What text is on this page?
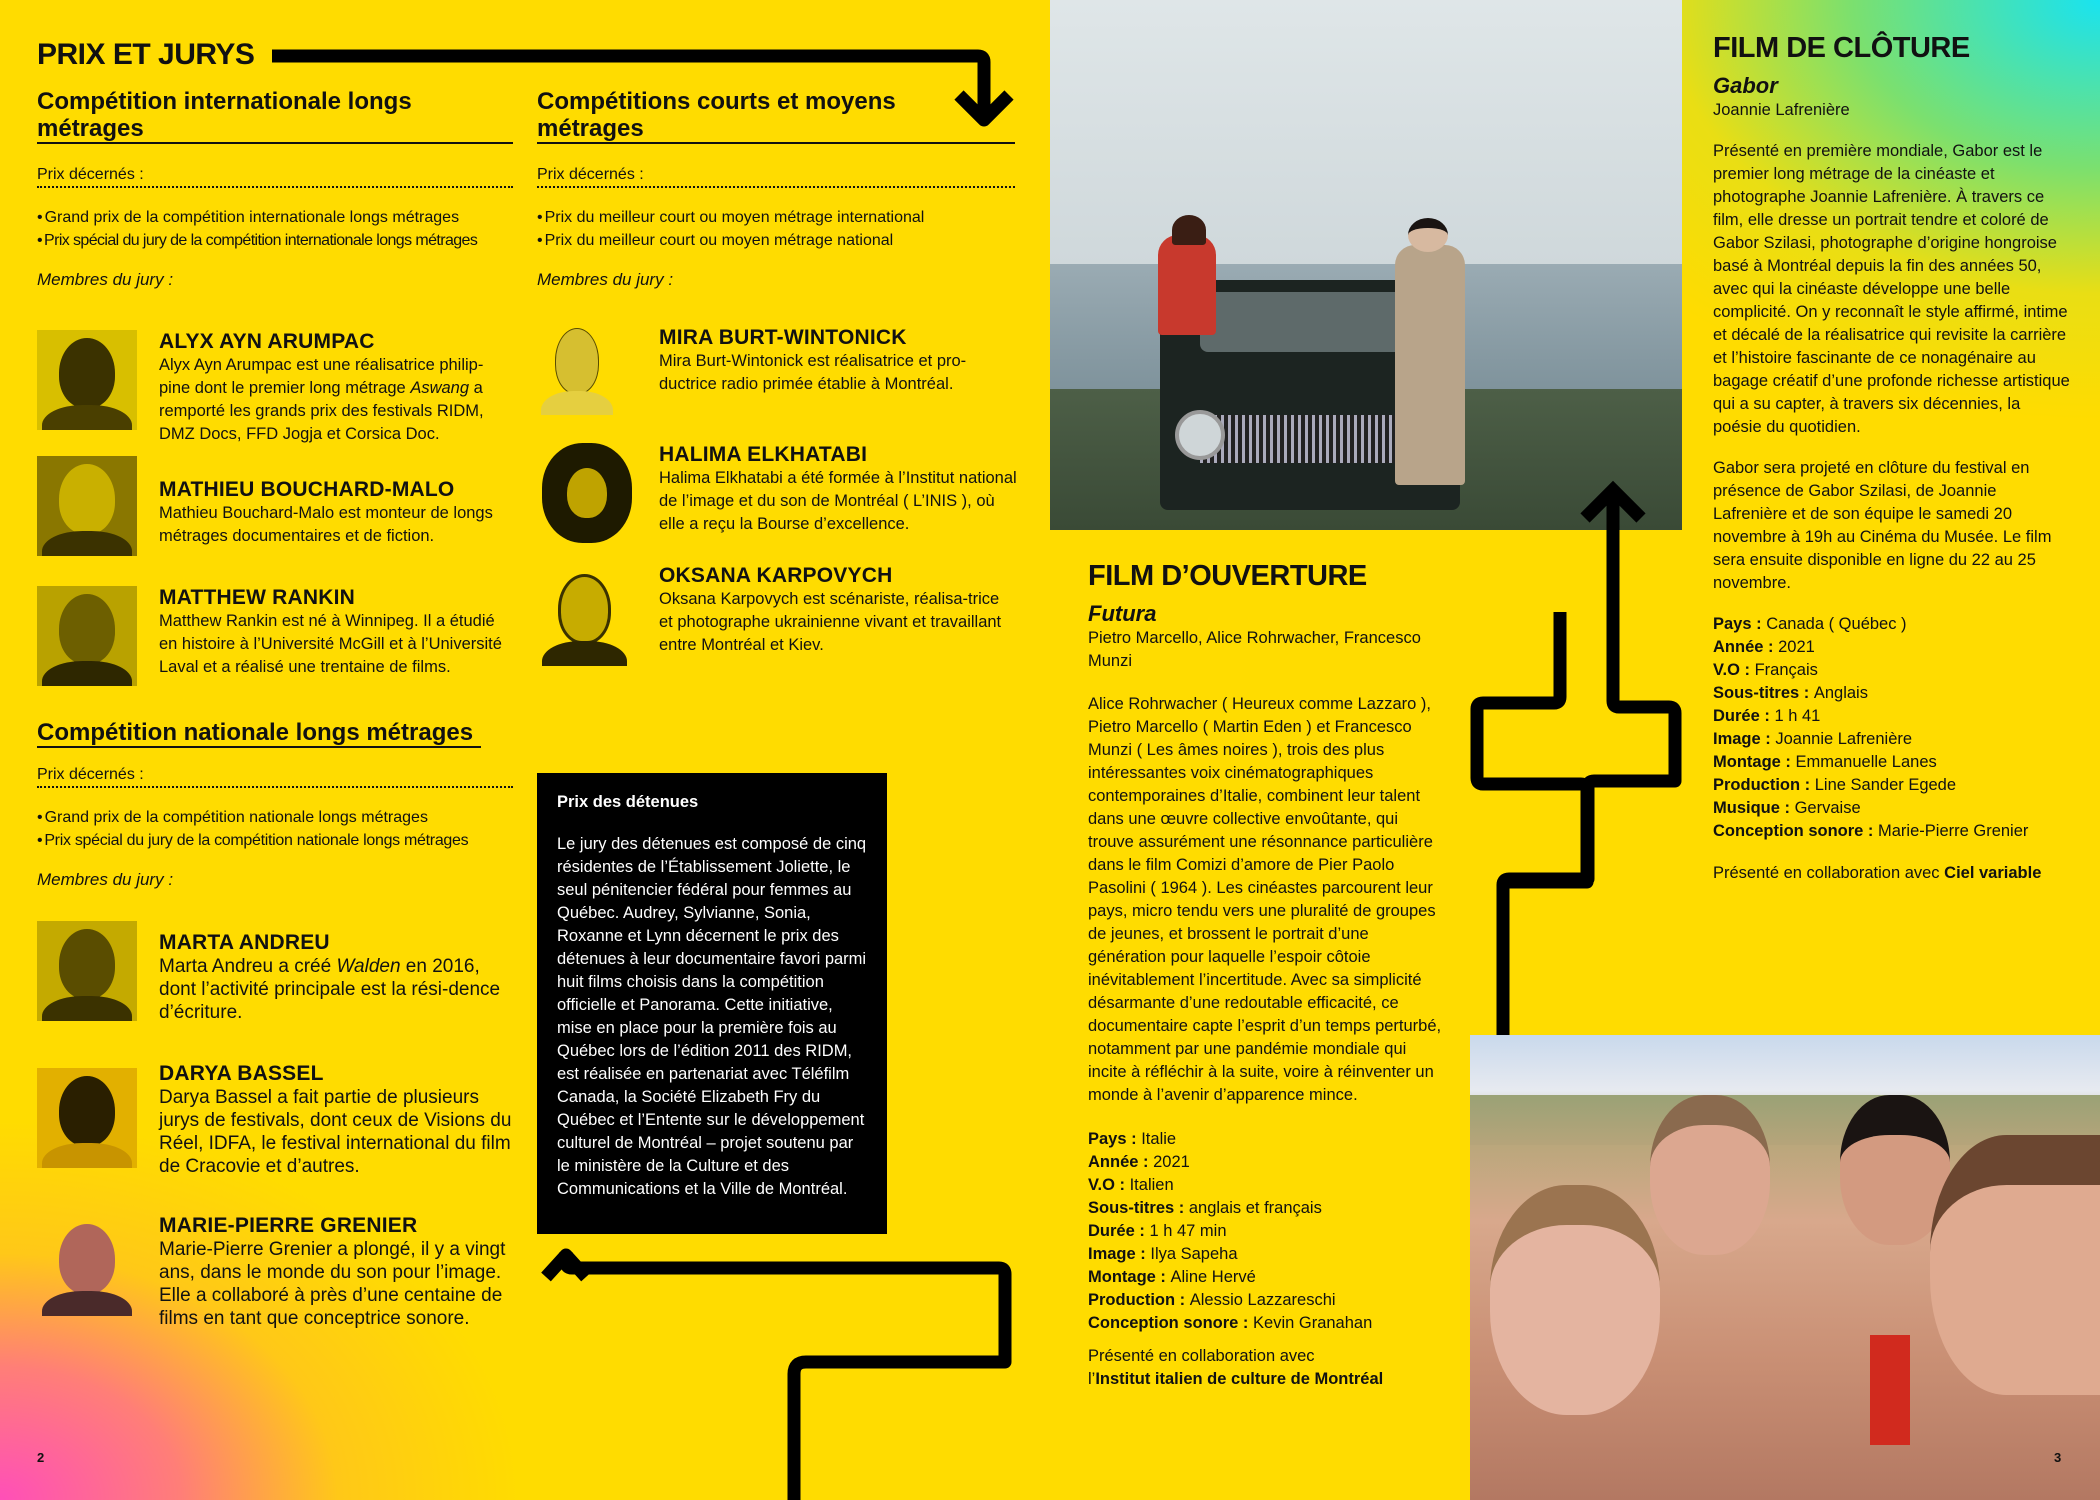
PRIX ET JURYS
Compétition internationale longs métrages
Prix décernés :
• Grand prix de la compétition internationale longs métrages
• Prix spécial du jury de la compétition internationale longs métrages
Membres du jury :
ALYX AYN ARUMPAC
Alyx Ayn Arumpac est une réalisatrice philip-pine dont le premier long métrage Aswang a remporté les grands prix des festivals RIDM, DMZ Docs, FFD Jogja et Corsica Doc.
MATHIEU BOUCHARD-MALO
Mathieu Bouchard-Malo est monteur de longs métrages documentaires et de fiction.
MATTHEW RANKIN
Matthew Rankin est né à Winnipeg. Il a étudié en histoire à l’Université McGill et à l’Université Laval et a réalisé une trentaine de films.
Compétition nationale longs métrages
Prix décernés :
• Grand prix de la compétition nationale longs métrages
• Prix spécial du jury de la compétition nationale longs métrages
Membres du jury :
MARTA ANDREU
Marta Andreu a créé Walden en 2016, dont l’activité principale est la rési-dence d’écriture.
DARYA BASSEL
Darya Bassel a fait partie de plusieurs jurys de festivals, dont ceux de Visions du Réel, IDFA, le festival international du film de Cracovie et d’autres.
MARIE-PIERRE GRENIER
Marie-Pierre Grenier a plongé, il y a vingt ans, dans le monde du son pour l’image. Elle a collaboré à près d’une centaine de films en tant que conceptrice sonore.
Compétitions courts et moyens métrages
Prix décernés :
• Prix du meilleur court ou moyen métrage international
• Prix du meilleur court ou moyen métrage national
Membres du jury :
MIRA BURT-WINTONICK
Mira Burt-Wintonick est réalisatrice et pro-ductrice radio primée établie à Montréal.
HALIMA ELKHATABI
Halima Elkhatabi a été formée à l’Institut national de l’image et du son de Montréal ( L’INIS ), où elle a reçu la Bourse d’excellence.
OKSANA KARPOVYCH
Oksana Karpovych est scénariste, réalisa-trice et photographe ukrainienne vivant et travaillant entre Montréal et Kiev.
Prix des détenues
Le jury des détenues est composé de cinq résidentes de l’Établissement Joliette, le seul pénitencier fédéral pour femmes au Québec. Audrey, Sylvianne, Sonia, Roxanne et Lynn décernent le prix des détenues à leur documentaire favori parmi huit films choisis dans la compétition officielle et Panorama. Cette initiative, mise en place pour la première fois au Québec lors de l’édition 2011 des RIDM, est réalisée en partenariat avec Téléfilm Canada, la Société Elizabeth Fry du Québec et l’Entente sur le développement culturel de Montréal – projet soutenu par le ministère de la Culture et des Communications et la Ville de Montréal.
2
FILM D’OUVERTURE
Futura
Pietro Marcello, Alice Rohrwacher, Francesco Munzi
Alice Rohrwacher ( Heureux comme Lazzaro ), Pietro Marcello ( Martin Eden ) et Francesco Munzi ( Les âmes noires ), trois des plus intéressantes voix cinématographiques contemporaines d’Italie, combinent leur talent dans une œuvre collective envoûtante, qui trouve assurément une résonnance particulière dans le film Comizi d’amore de Pier Paolo Pasolini ( 1964 ). Les cinéastes parcourent leur pays, micro tendu vers une pluralité de groupes de jeunes, et brossent le portrait d’une génération pour laquelle l’espoir côtoie inévitablement l’incertitude. Avec sa simplicité désarmante d’une redoutable efficacité, ce documentaire capte l’esprit d’un temps perturbé, notamment par une pandémie mondiale qui incite à réfléchir à la suite, voire à réinventer un monde à l’avenir d’apparence mince.
Pays : Italie
Année : 2021
V.O : Italien
Sous-titres : anglais et français
Durée : 1 h 47 min
Image : Ilya Sapeha
Montage : Aline Hervé
Production : Alessio Lazzareschi
Conception sonore : Kevin Granahan
Présenté en collaboration avec
l’Institut italien de culture de Montréal
FILM DE CLÔTURE
Gabor
Joannie Lafrenière
Présenté en première mondiale, Gabor est le premier long métrage de la cinéaste et photographe Joannie Lafrenière. À travers ce film, elle dresse un portrait tendre et coloré de Gabor Szilasi, photographe d’origine hongroise basé à Montréal depuis la fin des années 50, avec qui la cinéaste développe une belle complicité. On y reconnaît le style affirmé, intime et décalé de la réalisatrice qui revisite la carrière et l’histoire fascinante de ce nonagénaire au bagage créatif d’une profonde richesse artistique qui a su capter, à travers six décennies, la poésie du quotidien.
Gabor sera projeté en clôture du festival en présence de Gabor Szilasi, de Joannie Lafrenière et de son équipe le samedi 20 novembre à 19h au Cinéma du Musée. Le film sera ensuite disponible en ligne du 22 au 25 novembre.
Pays : Canada ( Québec )
Année : 2021
V.O : Français
Sous-titres : Anglais
Durée : 1 h 41
Image : Joannie Lafrenière
Montage : Emmanuelle Lanes
Production : Line Sander Egede
Musique : Gervaise
Conception sonore : Marie-Pierre Grenier
Présenté en collaboration avec Ciel variable
3
